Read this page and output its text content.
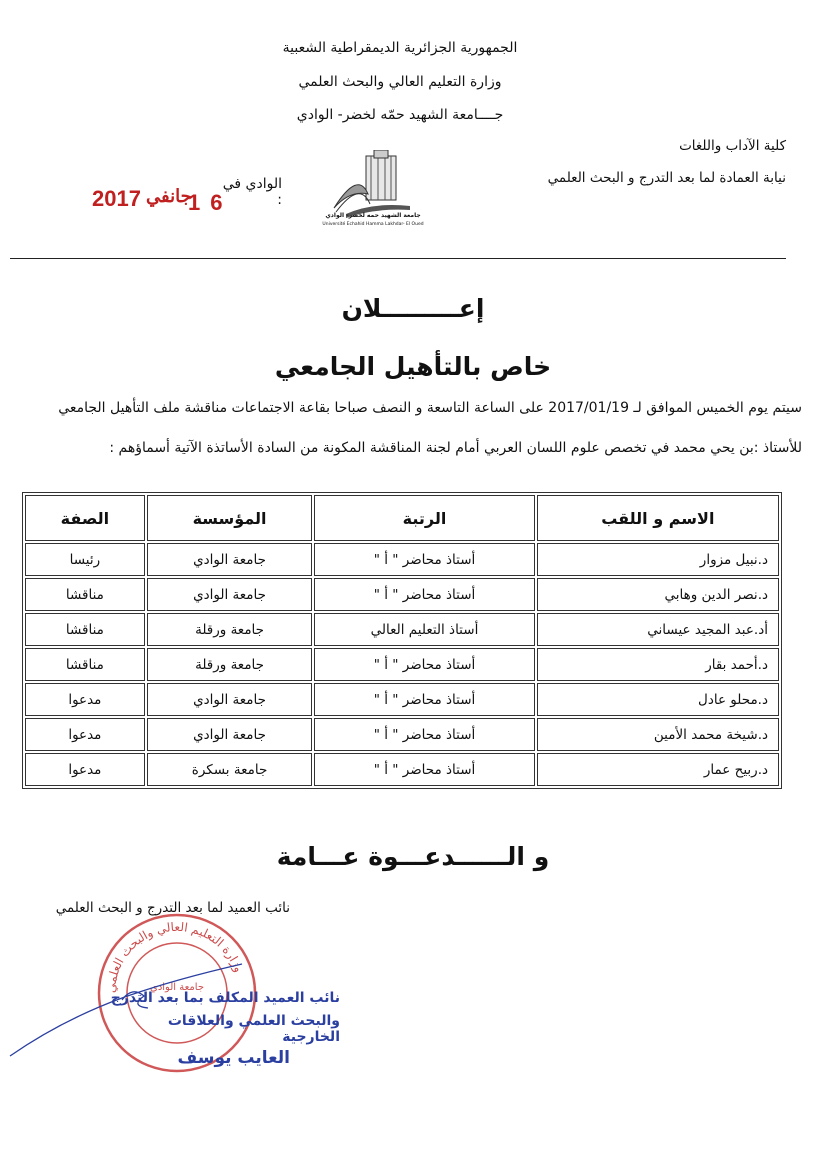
الجمهورية الجزائرية الديمقراطية الشعبية
وزارة التعليم العالي والبحث العلمي
جــــامعة الشهيد حمّه لخضر- الوادي
كلية الآداب واللغات
نيابة العمادة لما بعد التدرج و البحث العلمي
جامعة الشهيد حمه لخضر- الوادي
Université Echahid Hamma Lakhdar- El Oued
الوادي في :
2017 جانفي
16
إعـــــــــلان
خاص بالتأهيل الجامعي
سيتم يوم الخميس الموافق لـ 2017/01/19 على الساعة التاسعة و النصف صباحا بقاعة الاجتماعات مناقشة ملف التأهيل الجامعي
للأستاذ :بن يحي محمد في تخصص علوم اللسان العربي أمام لجنة المناقشة المكونة من السادة الأساتذة الآتية أسماؤهم :
الاسم و اللقب	الرتبة	المؤسسة	الصفة
د.نبيل مزوار	أستاذ محاضر " أ "	جامعة الوادي	رئيسا
د.نصر الدين وهابي	أستاذ محاضر " أ "	جامعة الوادي	مناقشا
أد.عبد المجيد عيساني	أستاذ التعليم العالي	جامعة ورقلة	مناقشا
د.أحمد بقار	أستاذ محاضر " أ "	جامعة ورقلة	مناقشا
د.محلو عادل	أستاذ محاضر " أ "	جامعة الوادي	مدعوا
د.شيخة محمد الأمين	أستاذ محاضر " أ "	جامعة الوادي	مدعوا
د.ربيح عمار	أستاذ محاضر " أ "	جامعة بسكرة	مدعوا
و الــــــدعـــوة عـــامة
نائب العميد لما بعد التدرج و البحث العلمي
وزارة التعليم العالي والبحث العلمي
جامعة الوادي
نائب العميد المكلف بما بعد التدرج
والبحث العلمي والعلاقات الخارجية
العايب يوسف
